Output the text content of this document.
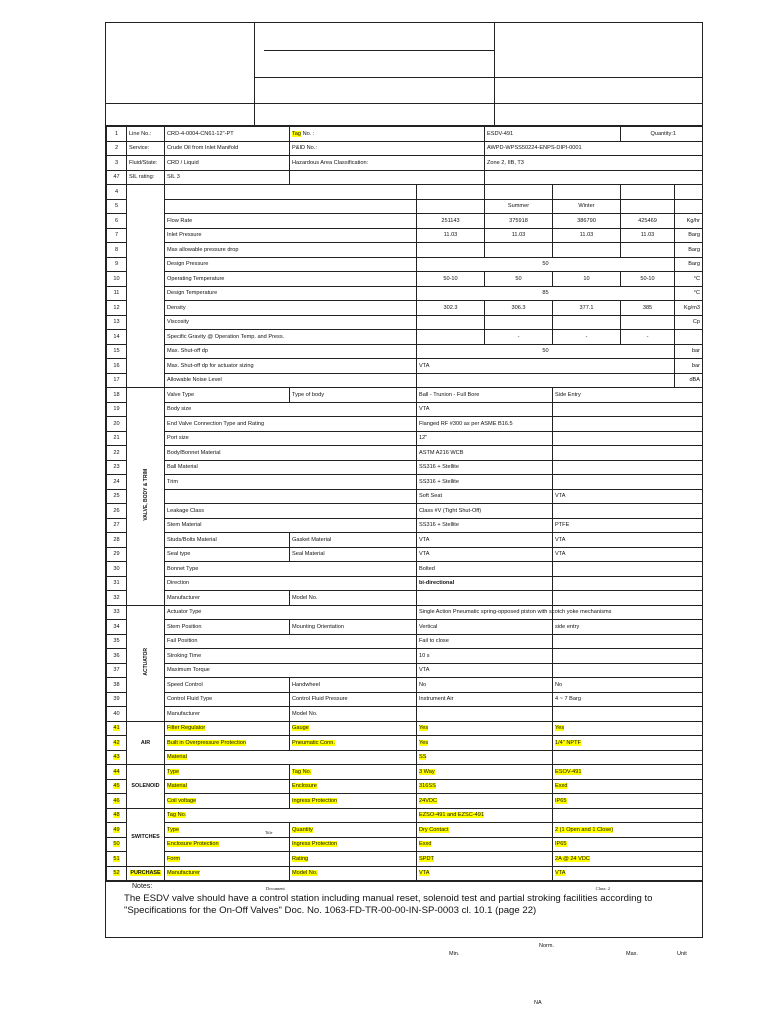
1	Line No.:	CRD-4-0004-CN61-12"-PT	Tag No. :		ESDV-491		Quantity:1	
2	Service:	Crude Oil from Inlet Manifold	P&ID No.:		AWPD-WPSS50224-ENPS-DIPI-0001			
3	Fluid/State:	CRD / Liquid	Hazardous Area Classification:		Zone 2, IIB, T3			
47	SIL rating:	SIL 3						
4								
5					Summer	Winter		
6		Flow Rate		251143	375918	386790	425469	Kg/hr
7		Inlet Pressure		11.03	11.03	11.03	11.03	Barg
8		Max allowable pressure drop						Barg
9		Design Pressure		50				Barg
10		Operating Temperature		50-10	50	10	50-10	°C
11		Design Temperature		85				°C
12		Density		302.3	306.3	377.1	385	Kg/m3
13		Viscosity						Cp
14		Specific Gravity @ Operation Temp. and Press.			-	-	-	
15		Max. Shut-off dp		50				bar
16		Max. Shut-off dp for actuator sizing		VTA				bar
17		Allowable Noise Level						dBA
18	VALVE, BODY & TRIM	Valve Type	Type of body	Ball - Trunion - Full Bore		Side Entry		
19		Body size		VTA				
20		End Valve Connection Type and Rating		Flanged RF #300 as per ASME B16.5				
21		Port size		12"				
22		Body/Bonnet Material		ASTM A216 WCB				
23		Ball Material		SS316 + Stellite				
24		Trim		SS316 + Stellite				
25				Soft Seat		VTA		
26		Leakage Class		Class #V (Tight Shut-Off)				
27		Stem Material		SS316 + Stellite		PTFE		
28		Studs/Bolts Material	Gasket Material	VTA		VTA		
29		Seal type	Seal Material	VTA		VTA		
30		Bonnet Type		Bolted				
31		Direction		bi-directional				
32		Manufacturer	Model No.					
33	ACTUATOR	Actuator Type		Single Action Pneumatic spring-opposed piston with scotch yoke mechanisms				
34		Stem Position	Mounting Orientation	Vertical		side entry		
35		Fail Position		Fail to close				
36		Stroking Time		10 s				
37		Maximum Torque		VTA				
38		Speed Control	Handwheel	No		No		
39		Control Fluid Type	Control Fluid Pressure	Instrument Air		4 ~ 7 Barg		
40		Manufacturer	Model No.					
41	AIR	Filter Regulator	Gauge	Yes		Yes		
42		Built in Overpressure Protection	Pneumatic Conn.	Yes		1/4" NPTF		
43		Material		SS				
44	SOLENOID	Type	Tag No.	3 Way		ESOV-491		
45		Material	Enclosure	316SS		Exxd		
46		Coil voltage	Ingress Protection	24VDC		IP65		
48	SWITCHES	Tag No.		EZSO-491 and EZSC-491				
49		Type	Quantity	Dry Contact		2 (1 Open and 1 Close)		
50		Enclosure Protection	Ingress Protection	Exxd		IP65		
51		Form	Rating	SPDT		2A @ 24 VDC		
52	PURCHASE	Manufacturer	Model No.	VTA		VTA		
Notes:	Document	Class: 2
The ESDV valve should have a control station including manual reset, solenoid test and partial stroking facilities according to "Specifications for the On-Off Valves" Doc. No. 1063-FD-TR-00-00-IN-SP-0003 cl. 10.1 (page 22)
Title
Norm.
Min.	Max.	Unit
NA
